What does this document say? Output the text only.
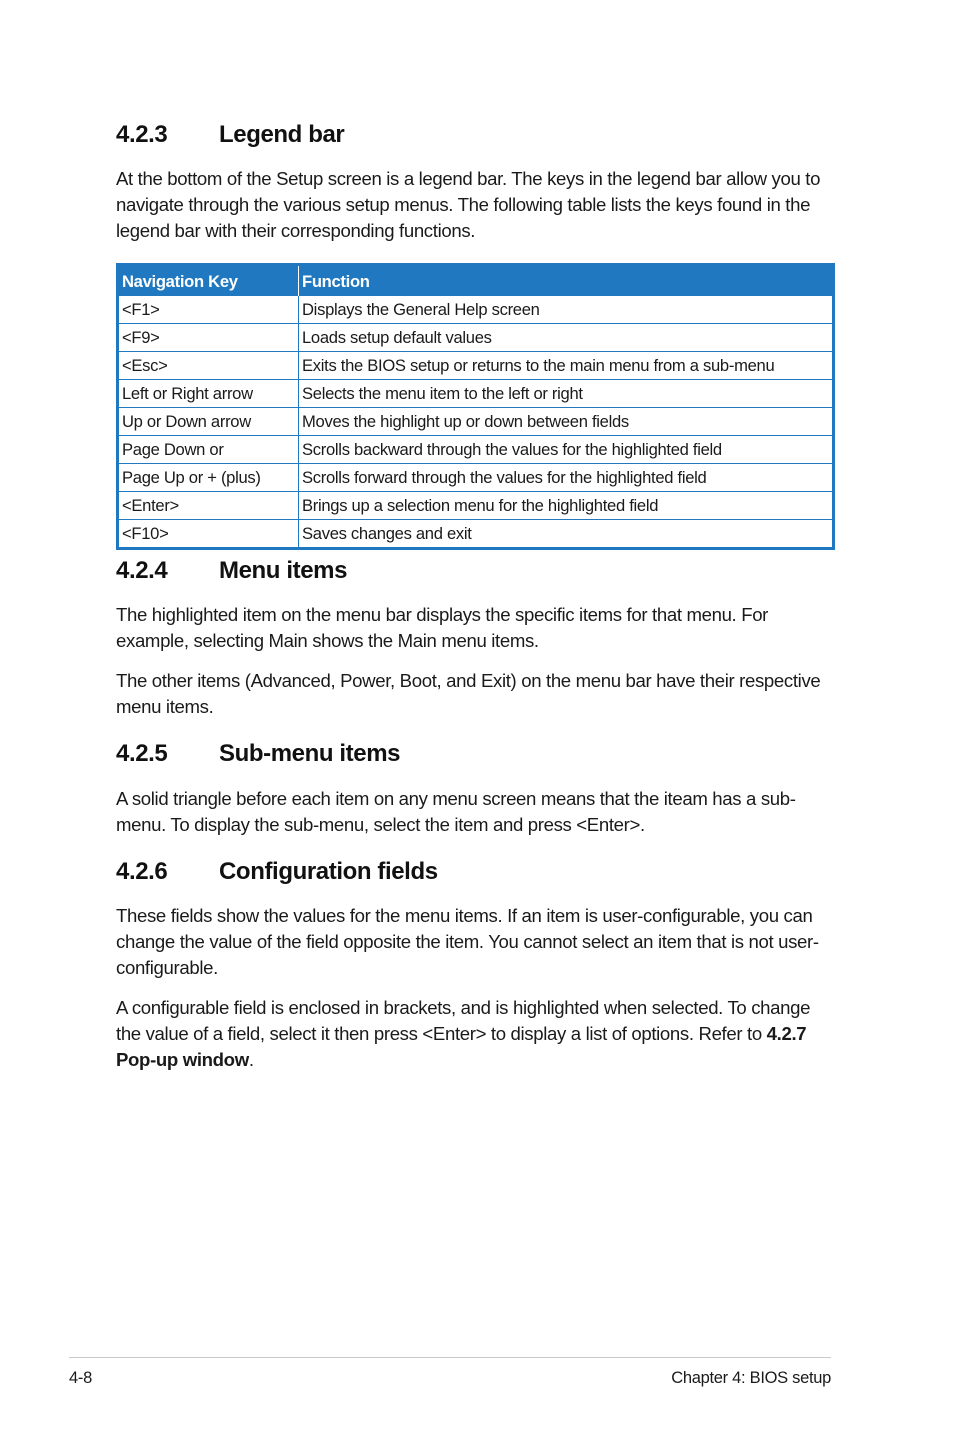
4.2.3 Legend bar

At the bottom of the Setup screen is a legend bar. The keys in the legend bar allow you to navigate through the various setup menus. The following table lists the keys found in the legend bar with their corresponding functions.

Navigation Key	Function
<F1>	Displays the General Help screen
<F9>	Loads setup default values
<Esc>	Exits the BIOS setup or returns to the main menu from a sub-menu
Left or Right arrow	Selects the menu item to the left or right
Up or Down arrow	Moves the highlight up or down between fields
Page Down or	Scrolls backward through the values for the highlighted field
Page Up or + (plus)	Scrolls forward through the values for the highlighted field
<Enter>	Brings up a selection menu for the highlighted field
<F10>	Saves changes and exit
4.2.4 Menu items

The highlighted item on the menu bar displays the specific items for that menu. For example, selecting Main shows the Main menu items.

The other items (Advanced, Power, Boot, and Exit) on the menu bar have their respective menu items.

4.2.5 Sub-menu items

A solid triangle before each item on any menu screen means that the iteam has a sub-menu. To display the sub-menu, select the item and press <Enter>.

4.2.6 Configuration fields

These fields show the values for the menu items. If an item is user-configurable, you can change the value of the field opposite the item. You cannot select an item that is not user-configurable.

A configurable field is enclosed in brackets, and is highlighted when selected. To change the value of a field, select it then press <Enter> to display a list of options. Refer to 4.2.7 Pop-up window.

4-8	Chapter 4: BIOS setup
